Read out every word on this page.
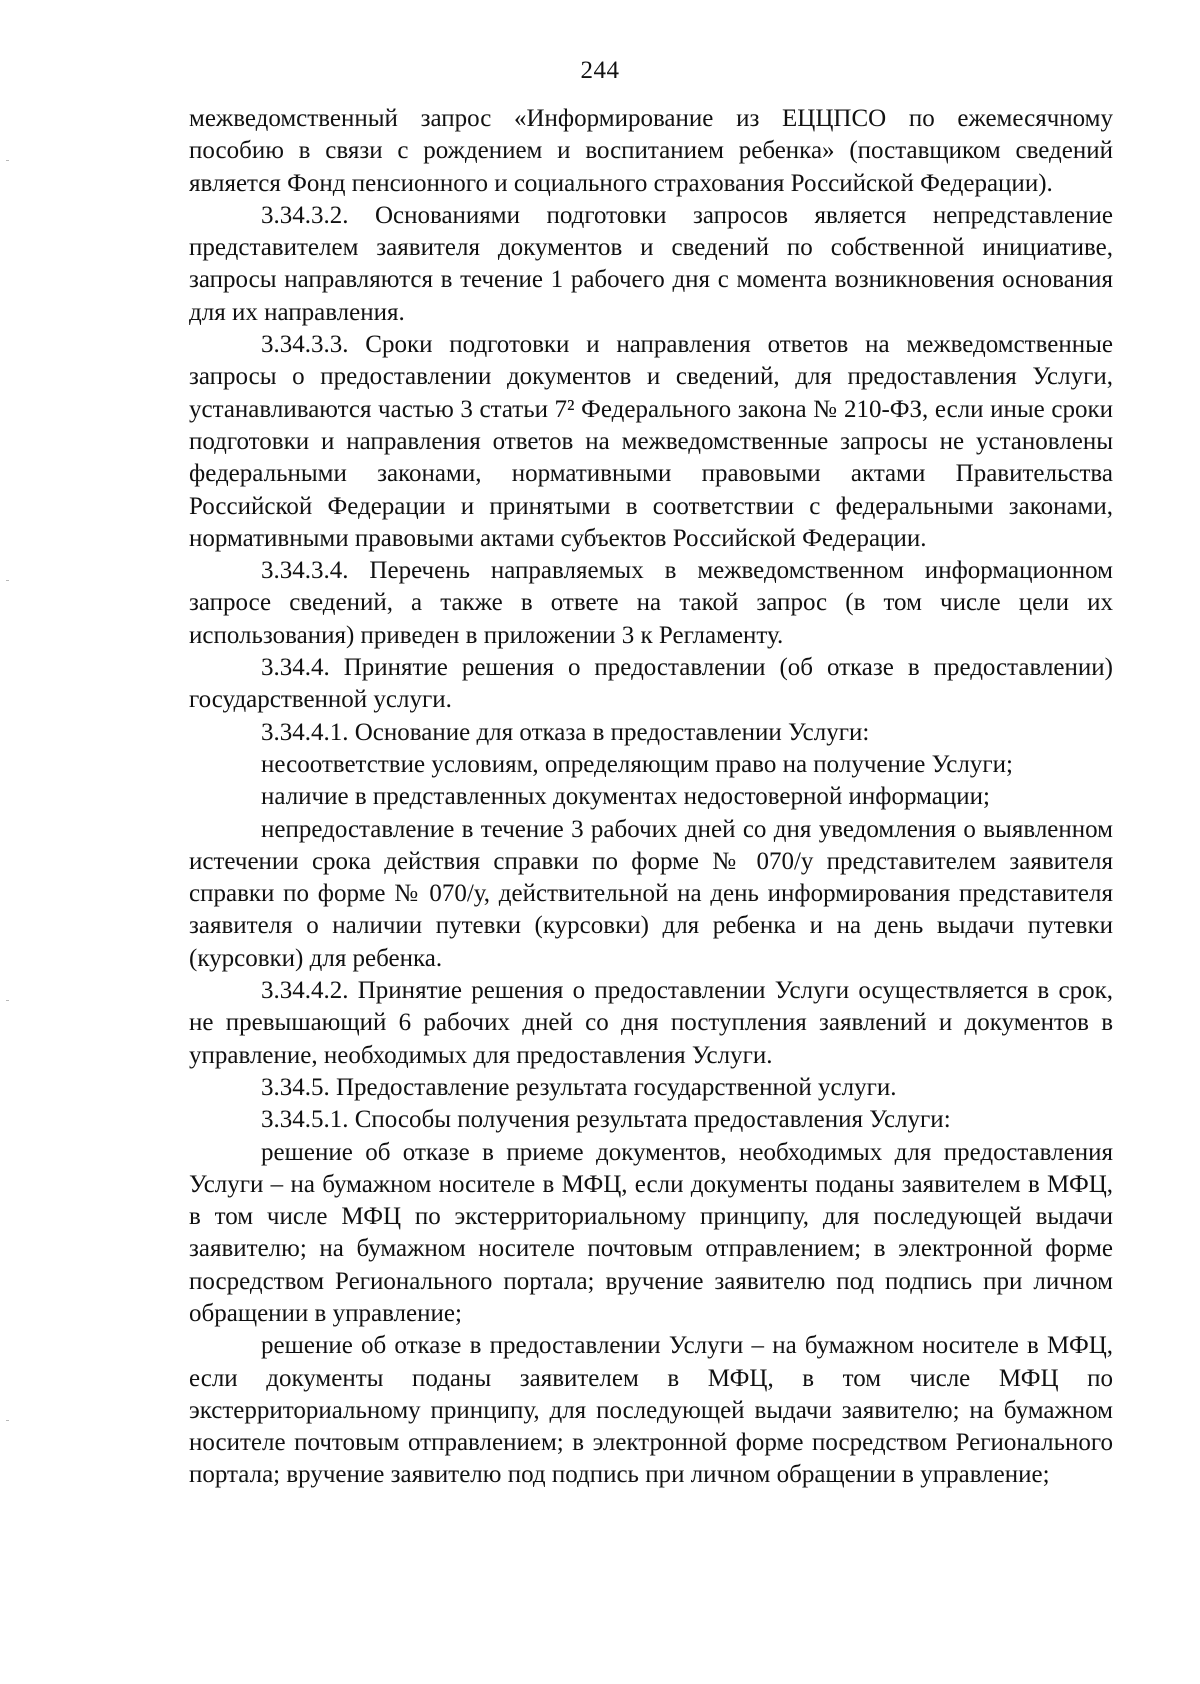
244

межведомственный запрос «Информирование из ЕЦЦПСО по ежемесячному пособию в связи с рождением и воспитанием ребенка» (поставщиком сведений является Фонд пенсионного и социального страхования Российской Федерации).

3.34.3.2. Основаниями подготовки запросов является непредставление представителем заявителя документов и сведений по собственной инициативе, запросы направляются в течение 1 рабочего дня с момента возникновения основания для их направления.

3.34.3.3. Сроки подготовки и направления ответов на межведомственные запросы о предоставлении документов и сведений, для предоставления Услуги, устанавливаются частью 3 статьи 7² Федерального закона № 210-ФЗ, если иные сроки подготовки и направления ответов на межведомственные запросы не установлены федеральными законами, нормативными правовыми актами Правительства Российской Федерации и принятыми в соответствии с федеральными законами, нормативными правовыми актами субъектов Российской Федерации.

3.34.3.4. Перечень направляемых в межведомственном информационном запросе сведений, а также в ответе на такой запрос (в том числе цели их использования) приведен в приложении 3 к Регламенту.

3.34.4. Принятие решения о предоставлении (об отказе в предоставлении) государственной услуги.

3.34.4.1. Основание для отказа в предоставлении Услуги:

несоответствие условиям, определяющим право на получение Услуги;

наличие в представленных документах недостоверной информации;

непредоставление в течение 3 рабочих дней со дня уведомления о выявленном истечении срока действия справки по форме № 070/у представителем заявителя справки по форме № 070/у, действительной на день информирования представителя заявителя о наличии путевки (курсовки) для ребенка и на день выдачи путевки (курсовки) для ребенка.

3.34.4.2. Принятие решения о предоставлении Услуги осуществляется в срок, не превышающий 6 рабочих дней со дня поступления заявлений и документов в управление, необходимых для предоставления Услуги.

3.34.5. Предоставление результата государственной услуги.

3.34.5.1. Способы получения результата предоставления Услуги:

решение об отказе в приеме документов, необходимых для предоставления Услуги – на бумажном носителе в МФЦ, если документы поданы заявителем в МФЦ, в том числе МФЦ по экстерриториальному принципу, для последующей выдачи заявителю; на бумажном носителе почтовым отправлением; в электронной форме посредством Регионального портала; вручение заявителю под подпись при личном обращении в управление;

решение об отказе в предоставлении Услуги – на бумажном носителе в МФЦ, если документы поданы заявителем в МФЦ, в том числе МФЦ по экстерриториальному принципу, для последующей выдачи заявителю; на бумажном носителе почтовым отправлением; в электронной форме посредством Регионального портала; вручение заявителю под подпись при личном обращении в управление;
